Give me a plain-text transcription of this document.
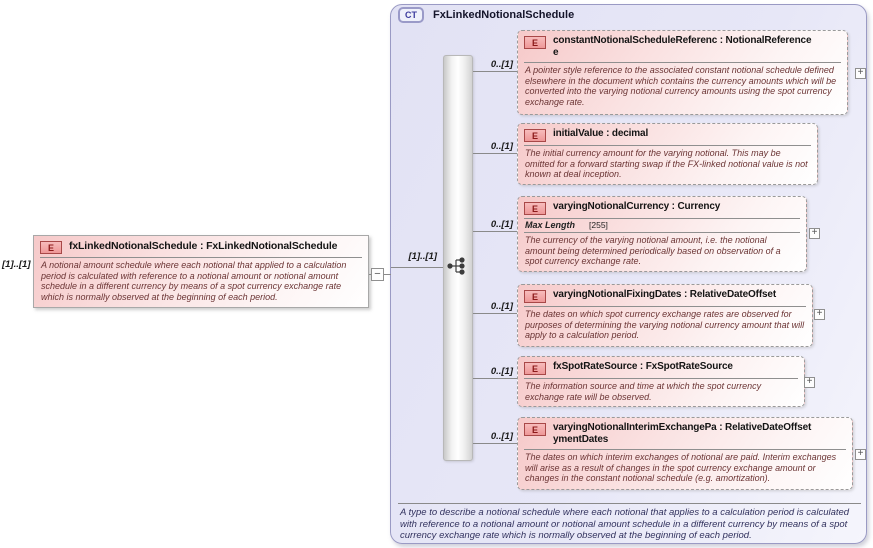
CT	FxLinkedNotionalSchedule
[1]..[1]
E	fxLinkedNotionalSchedule : FxLinkedNotionalSchedule
A notional amount schedule where each notional that applied to a calculation period is calculated with reference to a notional amount or notional amount schedule in a different currency by means of a spot currency exchange rate which is normally observed at the beginning of each period.
−
[1]..[1]
0..[1]
0..[1]
0..[1]
0..[1]
0..[1]
0..[1]
E	constantNotionalScheduleReferenc : NotionalReference
e
A pointer style reference to the associated constant notional schedule defined elsewhere in the document which contains the currency amounts which will be converted into the varying notional currency amounts using the spot currency exchange rate.
+
E	initialValue : decimal
The initial currency amount for the varying notional. This may be omitted for a forward starting swap if the FX-linked notional value is not known at deal inception.
E	varyingNotionalCurrency : Currency
Max Length [255]
The currency of the varying notional amount, i.e. the notional amount being determined periodically based on observation of a spot currency exchange rate.
+
E	varyingNotionalFixingDates : RelativeDateOffset
The dates on which spot currency exchange rates are observed for purposes of determining the varying notional currency amount that will apply to a calculation period.
+
E	fxSpotRateSource : FxSpotRateSource
The information source and time at which the spot currency exchange rate will be observed.
+
E	varyingNotionalInterimExchangePa : RelativeDateOffset
ymentDates
The dates on which interim exchanges of notional are paid. Interim exchanges will arise as a result of changes in the spot currency exchange amount or changes in the constant notional schedule (e.g. amortization).
+
A type to describe a notional schedule where each notional that applies to a calculation period is calculated with reference to a notional amount or notional amount schedule in a different currency by means of a spot currency exchange rate which is normally observed at the beginning of each period.
